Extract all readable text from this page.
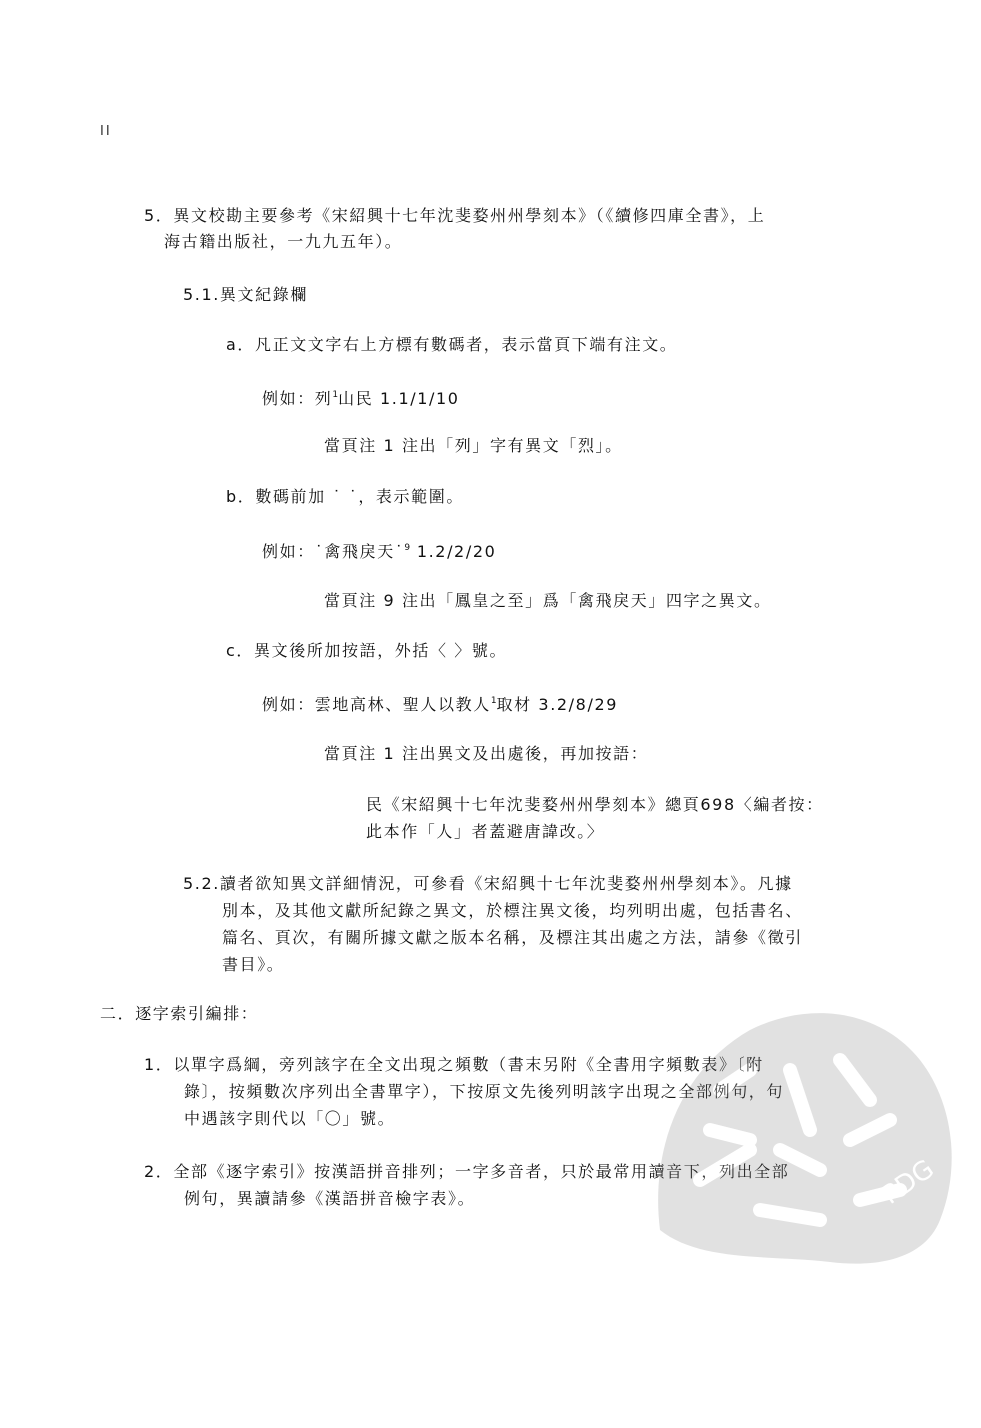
II
5．異文校勘主要參考《宋紹興十七年沈斐婺州州學刻本》（《續修四庫全書》，上
海古籍出版社，一九九五年）。
5.1.異文紀錄欄
a．凡正文文字右上方標有數碼者，表示當頁下端有注文。
例如：列$^1$山民 1.1/1/10
當頁注 1 注出「列」字有異文「烈」。
b．數碼前加 ˙ ˙，表示範圍。
例如：˙禽飛戾天˙$^9$ 1.2/2/20
當頁注 9 注出「鳳皇之至」爲「禽飛戾天」四字之異文。
c．異文後所加按語，外括〈 〉號。
例如：雲地高林、聖人以教人$^1$取材 3.2/8/29
當頁注 1 注出異文及出處後，再加按語：
民《宋紹興十七年沈斐婺州州學刻本》總頁698〈編者按：
此本作「人」者蓋避唐諱改。〉
5.2.讀者欲知異文詳細情況，可參看《宋紹興十七年沈斐婺州州學刻本》。凡據
別本，及其他文獻所紀錄之異文，於標注異文後，均列明出處，包括書名、
篇名、頁次，有關所據文獻之版本名稱，及標注其出處之方法，請參《徵引
書目》。
二．逐字索引編排：
1．以單字爲綱，旁列該字在全文出現之頻數（書末另附《全書用字頻數表》〔附
錄〕，按頻數次序列出全書單字），下按原文先後列明該字出現之全部例句，句
中遇該字則代以「〇」號。
2．全部《逐字索引》按漢語拼音排列；一字多音者，只於最常用讀音下，列出全部
例句，異讀請參《漢語拼音檢字表》。	PDG
